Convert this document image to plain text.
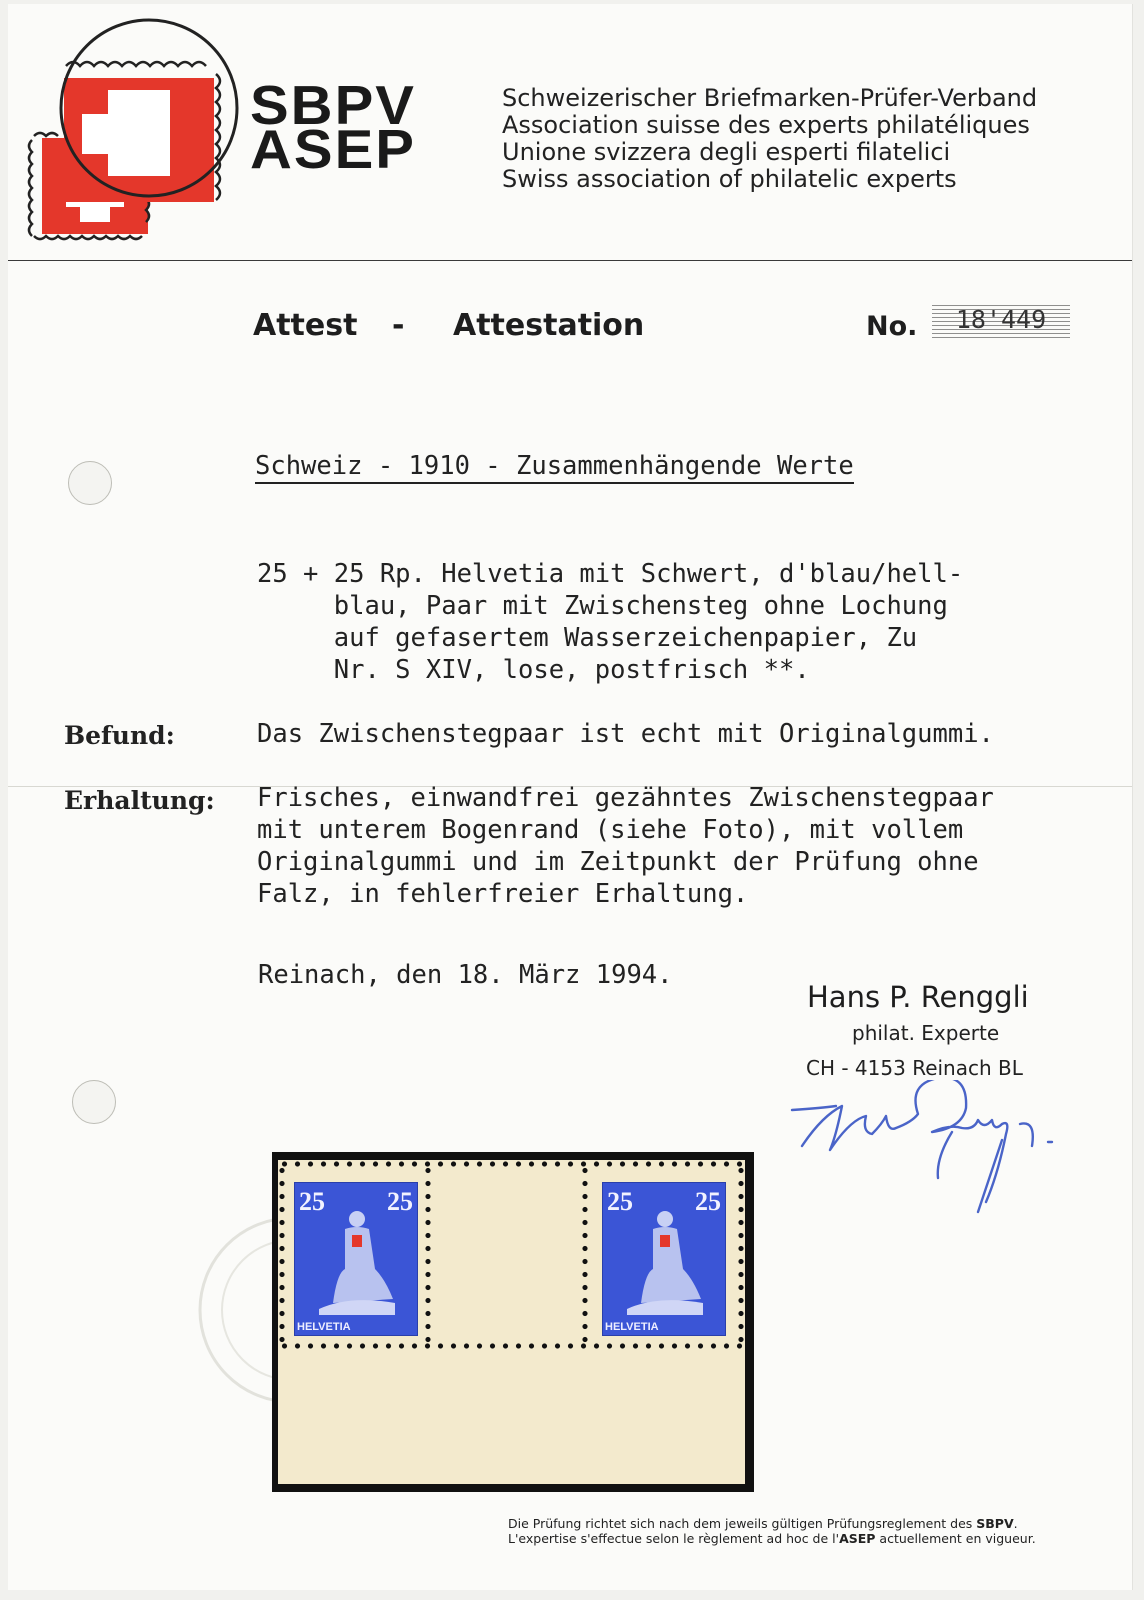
SBPV
ASEP
Schweizerischer Briefmarken-Prüfer-Verband
Association suisse des experts philatéliques
Unione svizzera degli esperti filatelici
Swiss association of philatelic experts
Attest - Attestation	No.	18'449
Schweiz - 1910 - Zusammenhängende Werte
25 + 25 Rp. Helvetia mit Schwert, d'blau/hell-
blau, Paar mit Zwischensteg ohne Lochung
auf gefasertem Wasserzeichenpapier, Zu
Nr. S XIV, lose, postfrisch **.
Befund:	Das Zwischenstegpaar ist echt mit Originalgummi.
Erhaltung: Frisches, einwandfrei gezähntes Zwischenstegpaar
mit unterem Bogenrand (siehe Foto), mit vollem
Originalgummi und im Zeitpunkt der Prüfung ohne
Falz, in fehlerfreier Erhaltung.
Reinach, den 18. März 1994.
Hans P. Renggli
philat. Experte
CH - 4153 Reinach BL
25 25
HELVETIA
25 25
HELVETIA
Die Prüfung richtet sich nach dem jeweils gültigen Prüfungsreglement des SBPV.
L'expertise s'effectue selon le règlement ad hoc de l'ASEP actuellement en vigueur.
